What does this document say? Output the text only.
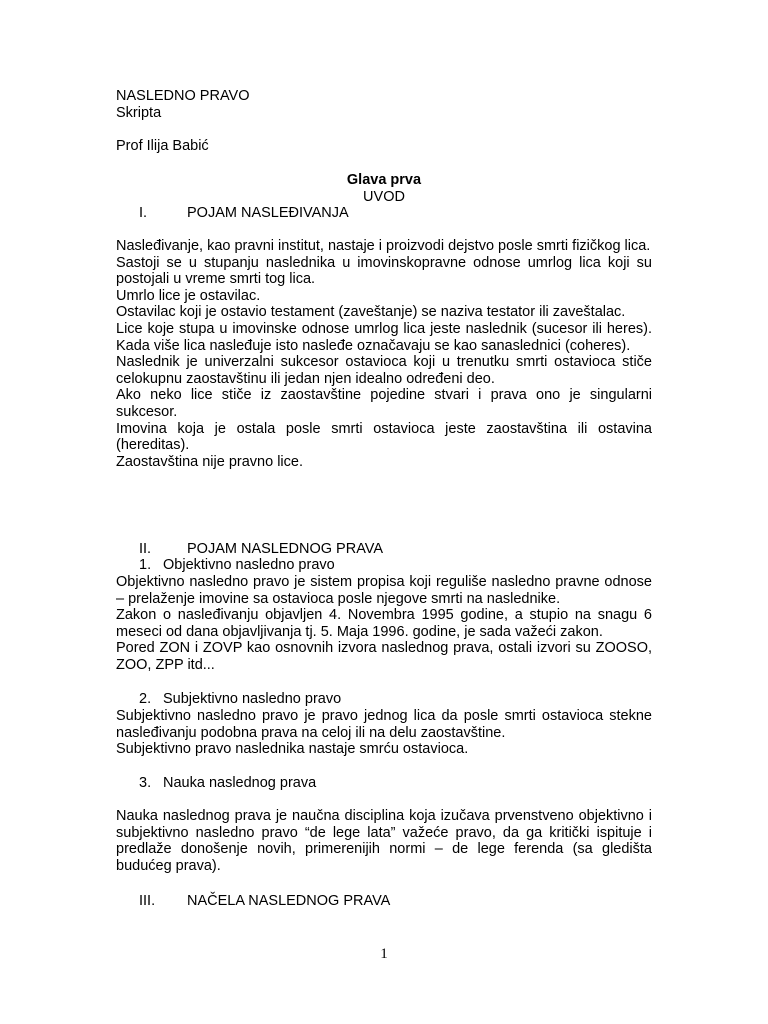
NASLEDNO PRAVO

Skripta

Prof Ilija Babić

Glava prva
UVOD
I.	POJAM NASLEĐIVANJA

Nasleđivanje, kao pravni institut, nastaje i proizvodi dejstvo posle smrti fizičkog lica.

Sastoji se u stupanju naslednika u imovinskopravne odnose umrlog lica koji su postojali u vreme smrti tog lica.

Umrlo lice je ostavilac.

Ostavilac koji je ostavio testament (zaveštanje) se naziva testator ili zaveštalac.

Lice koje stupa u imovinske odnose umrlog lica jeste naslednik (sucesor ili heres). Kada više lica nasleđuje isto nasleđe označavaju se kao sanaslednici (coheres).

Naslednik je univerzalni sukcesor ostavioca koji u trenutku smrti ostavioca stiče celokupnu zaostavštinu ili jedan njen idealno određeni deo.

Ako neko lice stiče iz zaostavštine pojedine stvari i prava ono je singularni sukcesor.

Imovina koja je ostala posle smrti ostavioca jeste zaostavština ili ostavina (hereditas).

Zaostavština nije pravno lice.

II. POJAM NASLEDNOG PRAVA
1. Objektivno nasledno pravo

Objektivno nasledno pravo je sistem propisa koji reguliše nasledno pravne odnose – prelaženje imovine sa ostavioca posle njegove smrti na naslednike.

Zakon o nasleđivanju objavljen 4. Novembra 1995 godine, a stupio na snagu 6 meseci od dana objavljivanja tj. 5. Maja 1996. godine, je sada važeći zakon.

Pored ZON i ZOVP kao osnovnih izvora naslednog prava, ostali izvori su ZOOSO, ZOO, ZPP itd...

2. Subjektivno nasledno pravo

Subjektivno nasledno pravo je pravo jednog lica da posle smrti ostavioca stekne nasleđivanju podobna prava na celoj ili na delu zaostavštine.

Subjektivno pravo naslednika nastaje smrću ostavioca.

3. Nauka naslednog prava

Nauka naslednog prava je naučna disciplina koja izučava prvenstveno objektivno i subjektivno nasledno pravo “de lege lata” važeće pravo, da ga kritički ispituje i predlaže donošenje novih, primerenijih normi – de lege ferenda (sa gledišta budućeg prava).

III. NAČELA NASLEDNOG PRAVA
1
